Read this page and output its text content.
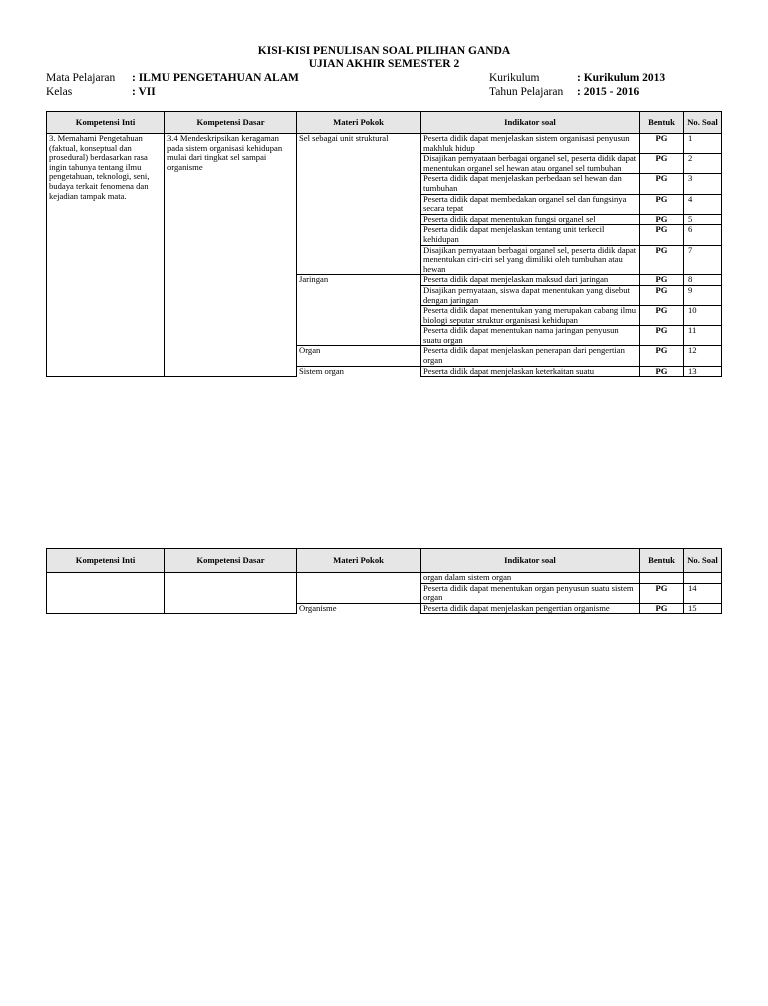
KISI-KISI PENULISAN SOAL PILIHAN GANDA
UJIAN AKHIR SEMESTER 2
Mata Pelajaran : ILMU PENGETAHUAN ALAM
Kelas	: VII
Kurikulum	: Kurikulum 2013
Tahun Pelajaran : 2015 - 2016
Kompetensi Inti	Kompetensi Dasar	Materi Pokok	Indikator soal	Bentuk	No. Soal
3. Memahami Pengetahuan (faktual, konseptual dan prosedural) berdasarkan rasa ingin tahunya tentang ilmu pengetahuan, teknologi, seni, budaya terkait fenomena dan kejadian tampak mata.	3.4 Mendeskripsikan keragaman pada sistem organisasi kehidupan mulai dari tingkat sel sampai organisme	Sel sebagai unit struktural	Peserta didik dapat menjelaskan sistem organisasi penyusun makhluk hidup	PG	1
			Disajikan pernyataan berbagai organel sel, peserta didik dapat menentukan organel sel hewan atau organel sel tumbuhan	PG	2
			Peserta didik dapat menjelaskan perbedaan sel hewan dan tumbuhan	PG	3
			Peserta didik dapat membedakan organel sel dan fungsinya secara tepat	PG	4
			Peserta didik dapat menentukan fungsi organel sel	PG	5
			Peserta didik dapat menjelaskan tentang unit terkecil kehidupan	PG	6
			Disajikan pernyataan berbagai organel sel, peserta didik dapat menentukan ciri-ciri sel yang dimiliki oleh tumbuhan atau hewan	PG	7
		Jaringan	Peserta didik dapat menjelaskan maksud dari jaringan	PG	8
			Disajikan pernyataan, siswa dapat menentukan yang disebut dengan jaringan	PG	9
			Peserta didik dapat menentukan yang merupakan cabang ilmu biologi seputar struktur organisasi kehidupan	PG	10
			Peserta didik dapat menentukan nama jaringan penyusun suatu organ	PG	11
		Organ	Peserta didik dapat menjelaskan penerapan dari pengertian organ	PG	12
		Sistem organ	Peserta didik dapat menjelaskan keterkaitan suatu	PG	13
Kompetensi Inti	Kompetensi Dasar	Materi Pokok	Indikator soal	Bentuk	No. Soal
			organ dalam sistem organ		
			Peserta didik dapat menentukan organ penyusun suatu sistem organ	PG	14
		Organisme	Peserta didik dapat menjelaskan pengertian organisme	PG	15
